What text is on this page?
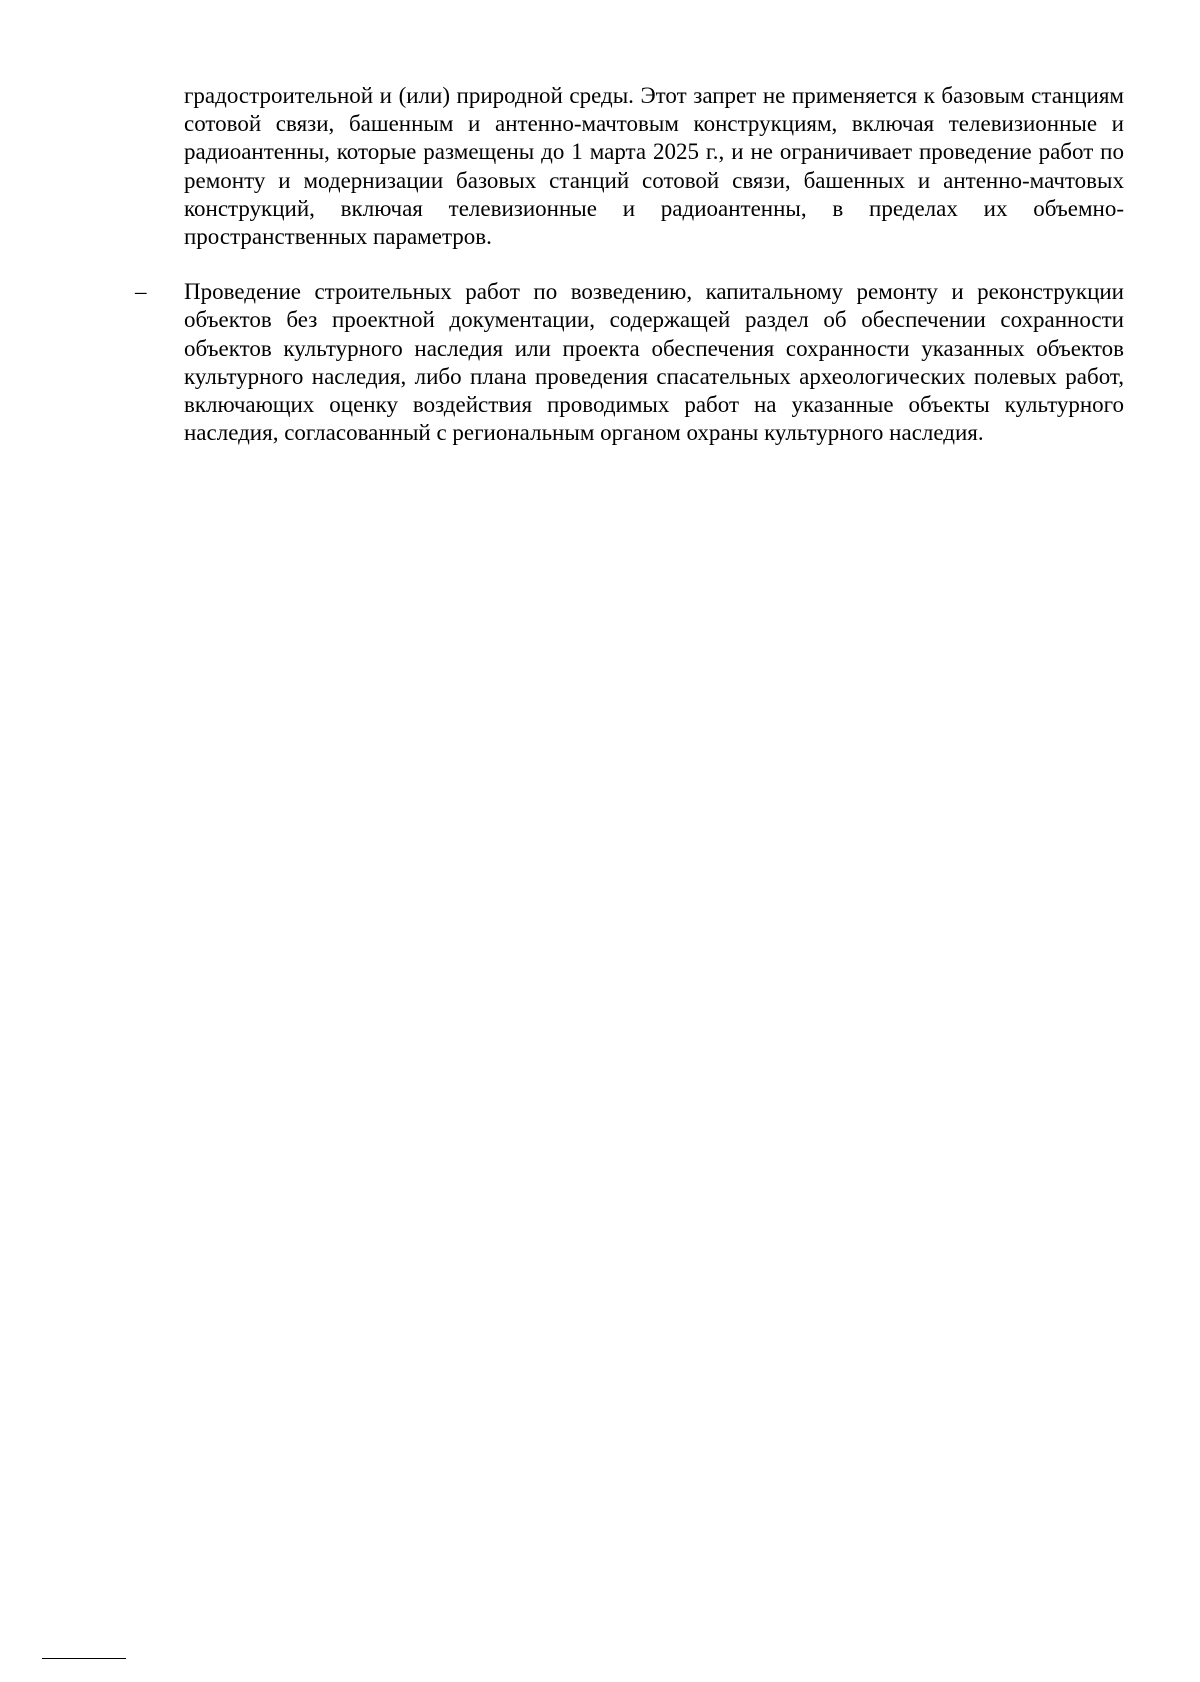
градостроительной и (или) природной среды. Этот запрет не применяется к базовым станциям сотовой связи, башенным и антенно-мачтовым конструкциям, включая телевизионные и радиоантенны, которые размещены до 1 марта 2025 г., и не ограничивает проведение работ по ремонту и модернизации базовых станций сотовой связи, башенных и антенно-мачтовых конструкций, включая телевизионные и радиоантенны, в пределах их объемно-пространственных параметров.

–	Проведение строительных работ по возведению, капитальному ремонту и реконструкции объектов без проектной документации, содержащей раздел об обеспечении сохранности объектов культурного наследия или проекта обеспечения сохранности указанных объектов культурного наследия, либо плана проведения спасательных археологических полевых работ, включающих оценку воздействия проводимых работ на указанные объекты культурного наследия, согласованный с региональным органом охраны культурного наследия.
